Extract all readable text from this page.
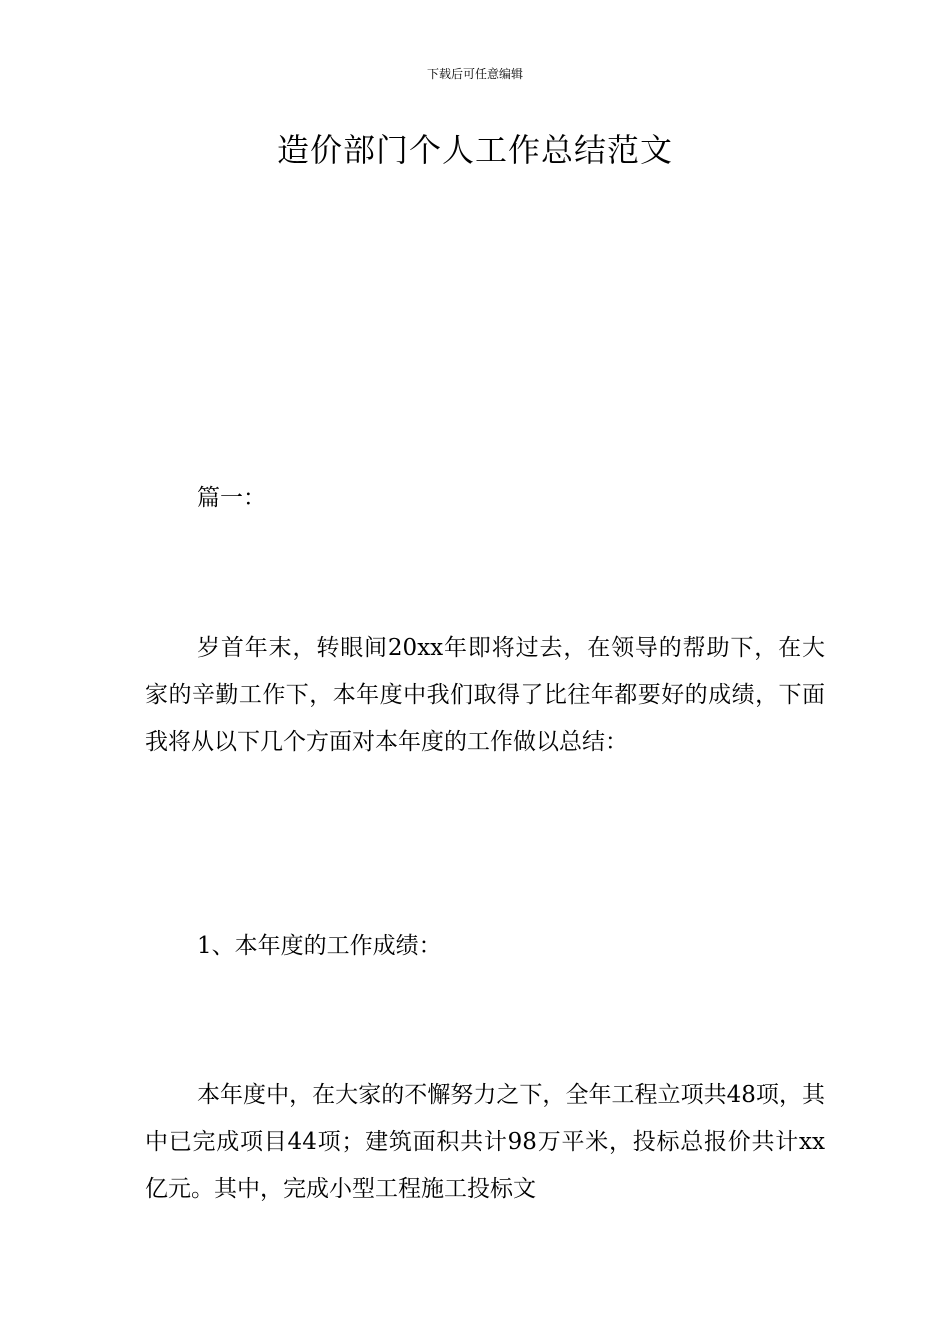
下载后可任意编辑
造价部门个人工作总结范文

篇一：

岁首年末，转眼间20xx年即将过去，在领导的帮助下，在大家的辛勤工作下，本年度中我们取得了比往年都要好的成绩，下面我将从以下几个方面对本年度的工作做以总结：

1、本年度的工作成绩：

本年度中，在大家的不懈努力之下，全年工程立项共48项，其中已完成项目44项；建筑面积共计98万平米，投标总报价共计xx亿元。其中，完成小型工程施工投标文
